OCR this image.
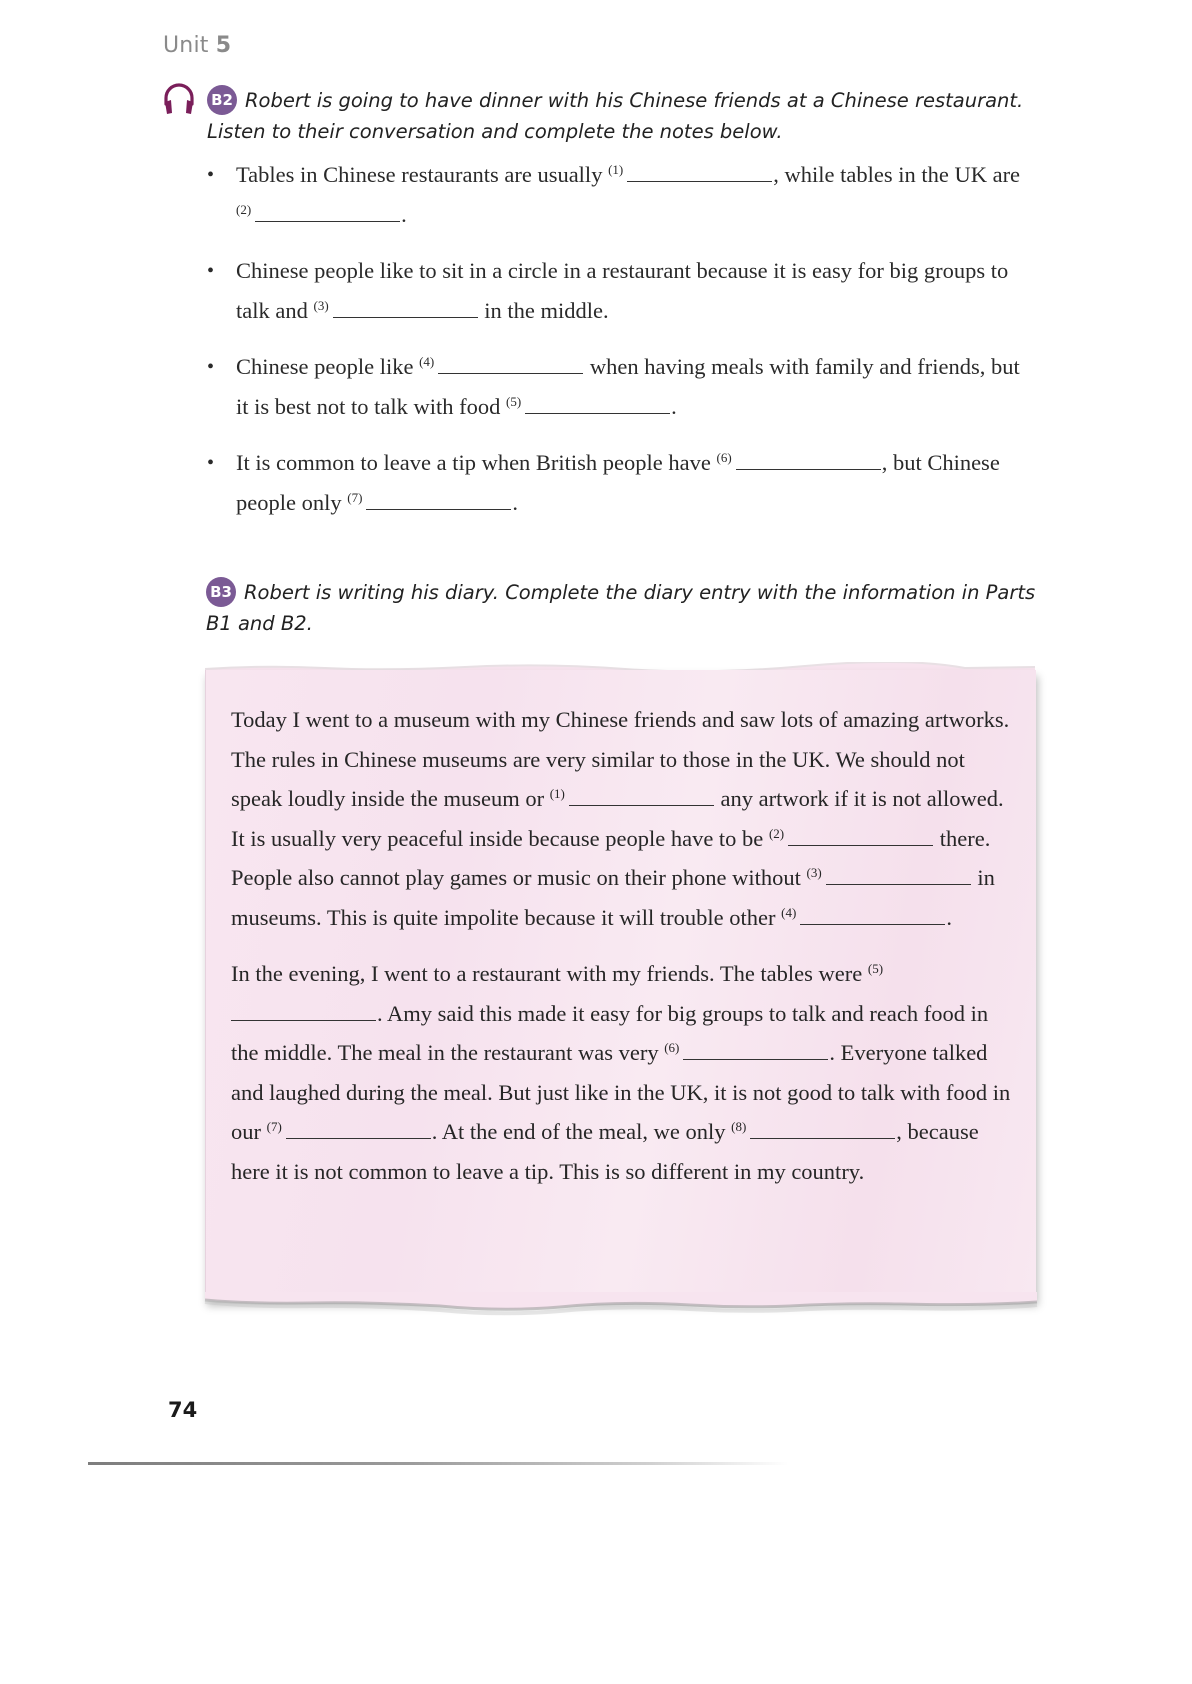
Unit 5
B2 Robert is going to have dinner with his Chinese friends at a Chinese restaurant. Listen to their conversation and complete the notes below.
• Tables in Chinese restaurants are usually $^{(1)}$	, while tables in the UK are $^{(2)}$	.
• Chinese people like to sit in a circle in a restaurant because it is easy for big groups to talk and $^{(3)}$	in the middle.
• Chinese people like $^{(4)}$	when having meals with family and friends, but it is best not to talk with food $^{(5)}$	.
• It is common to leave a tip when British people have $^{(6)}$	, but Chinese people only $^{(7)}$	.
B3 Robert is writing his diary. Complete the diary entry with the information in Parts B1 and B2.

Today I went to a museum with my Chinese friends and saw lots of amazing artworks. The rules in Chinese museums are very similar to those in the UK. We should not speak loudly inside the museum or $^{(1)}$	any artwork if it is not allowed. It is usually very peaceful inside because people have to be $^{(2)}$	there. People also cannot play games or music on their phone without $^{(3)}$	in museums. This is quite impolite because it will trouble other $^{(4)}$	.

In the evening, I went to a restaurant with my friends. The tables were $^{(5)}$. Amy said this made it easy for big groups to talk and reach food in the middle. The meal in the restaurant was very $^{(6)}$	. Everyone talked and laughed during the meal. But just like in the UK, it is not good to talk with food in our $^{(7)}$	. At the end of the meal, we only $^{(8)}$	, because here it is not common to leave a tip. This is so different in my country.

74
